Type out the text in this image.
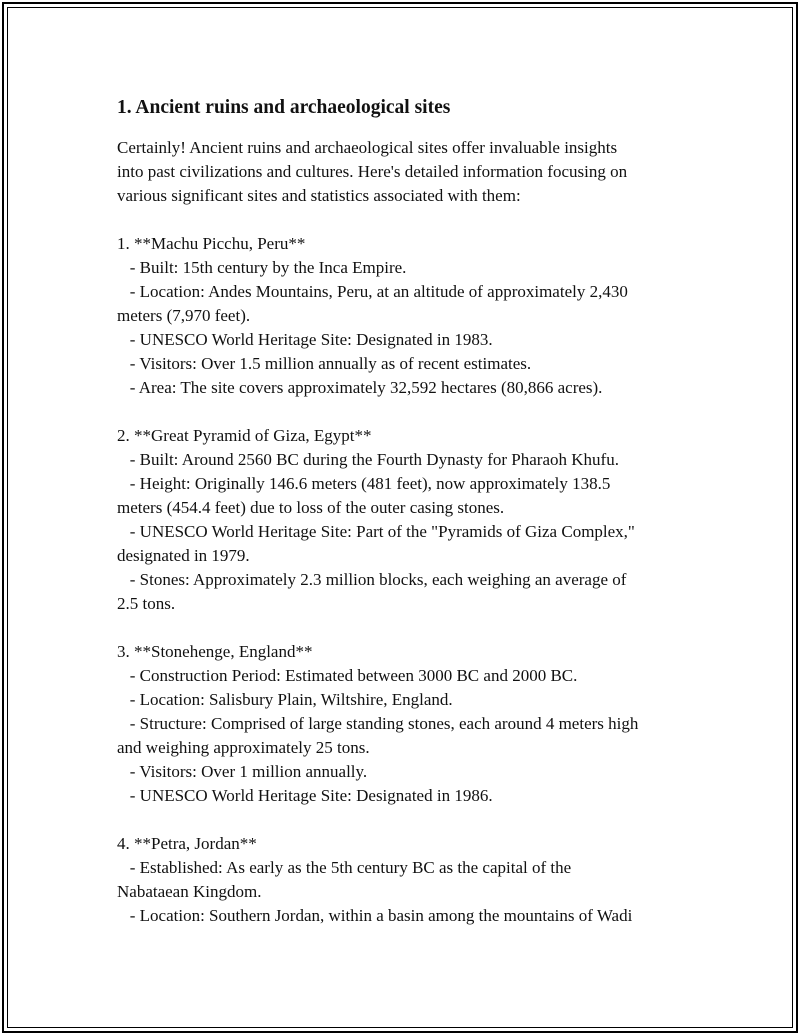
1. Ancient ruins and archaeological sites

Certainly! Ancient ruins and archaeological sites offer invaluable insights
into past civilizations and cultures. Here's detailed information focusing on
various significant sites and statistics associated with them:

1. **Machu Picchu, Peru**
- Built: 15th century by the Inca Empire.
- Location: Andes Mountains, Peru, at an altitude of approximately 2,430
meters (7,970 feet).
- UNESCO World Heritage Site: Designated in 1983.
- Visitors: Over 1.5 million annually as of recent estimates.
- Area: The site covers approximately 32,592 hectares (80,866 acres).

2. **Great Pyramid of Giza, Egypt**
- Built: Around 2560 BC during the Fourth Dynasty for Pharaoh Khufu.
- Height: Originally 146.6 meters (481 feet), now approximately 138.5
meters (454.4 feet) due to loss of the outer casing stones.
- UNESCO World Heritage Site: Part of the "Pyramids of Giza Complex,"
designated in 1979.
- Stones: Approximately 2.3 million blocks, each weighing an average of
2.5 tons.

3. **Stonehenge, England**
- Construction Period: Estimated between 3000 BC and 2000 BC.
- Location: Salisbury Plain, Wiltshire, England.
- Structure: Comprised of large standing stones, each around 4 meters high
and weighing approximately 25 tons.
- Visitors: Over 1 million annually.
- UNESCO World Heritage Site: Designated in 1986.

4. **Petra, Jordan**
- Established: As early as the 5th century BC as the capital of the
Nabataean Kingdom.
- Location: Southern Jordan, within a basin among the mountains of Wadi
